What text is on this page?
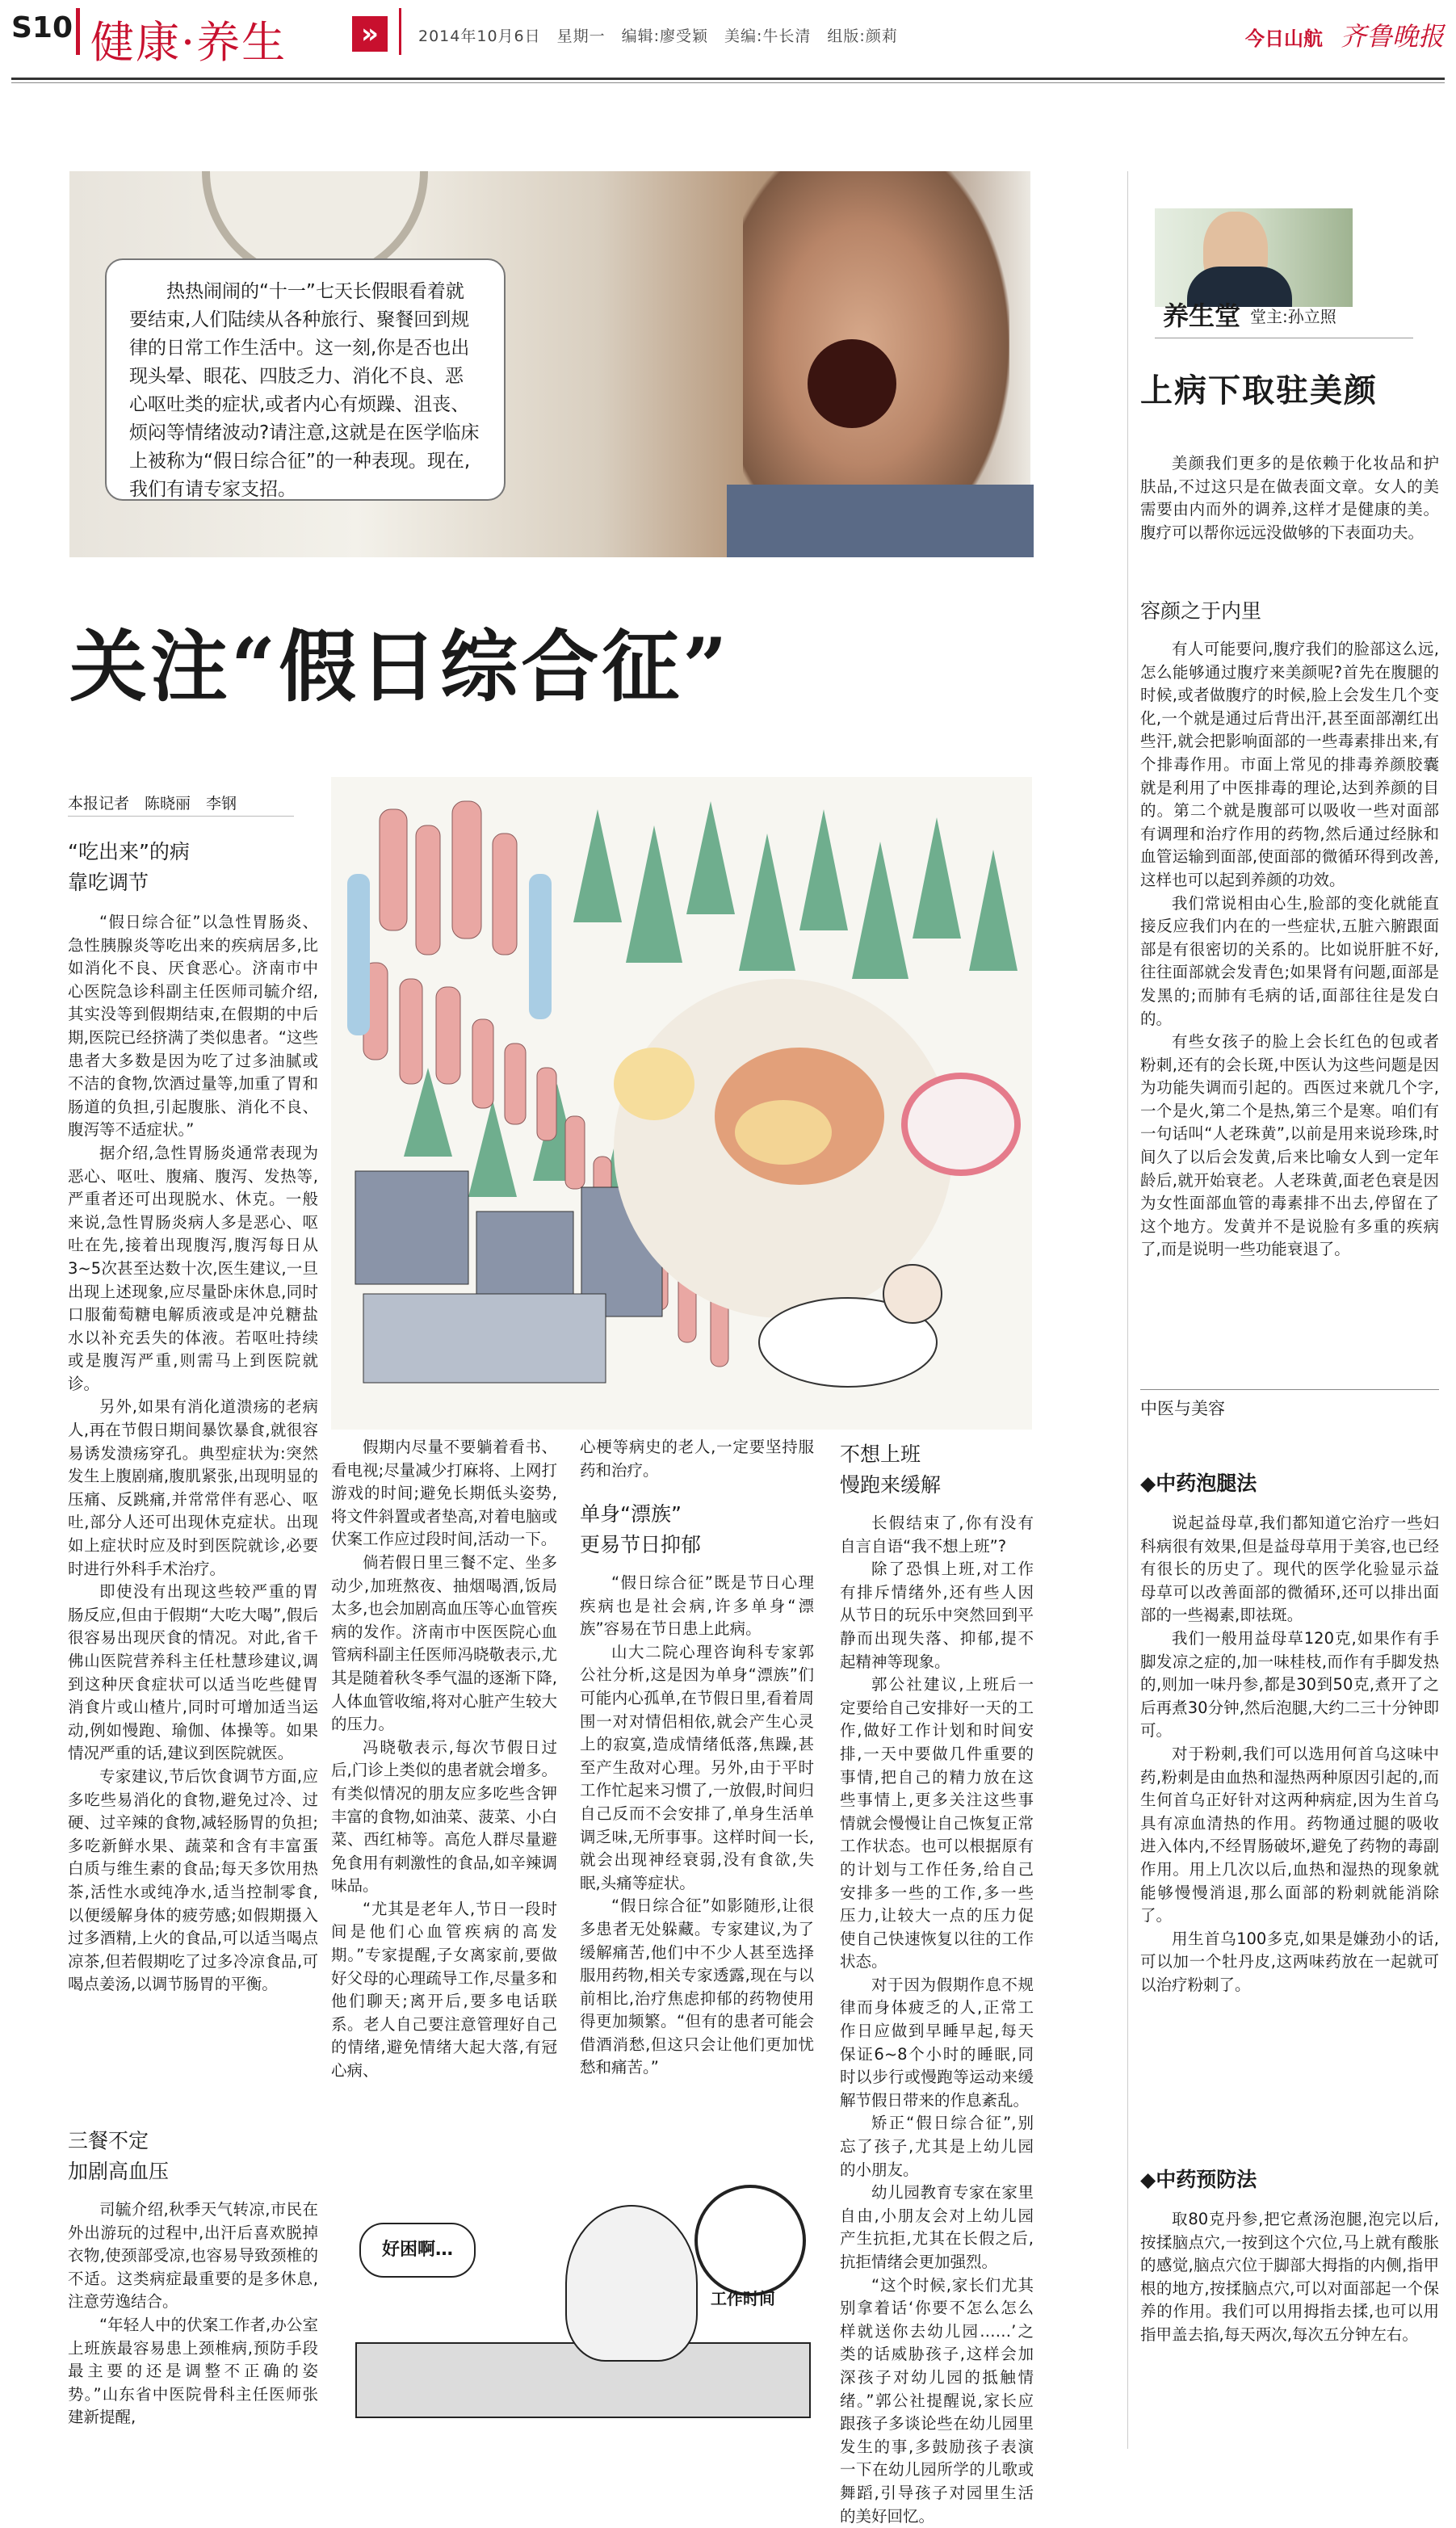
S10 健康·养生	»	2014年10月6日　星期一　编辑:廖受颖　美编:牛长清　组版:颜莉	今日山航 齐鲁晚报
热热闹闹的“十一”七天长假眼看着就要结束,人们陆续从各种旅行、聚餐回到规律的日常工作生活中。这一刻,你是否也出现头晕、眼花、四肢乏力、消化不良、恶心呕吐类的症状,或者内心有烦躁、沮丧、烦闷等情绪波动?请注意,这就是在医学临床上被称为“假日综合征”的一种表现。现在,我们有请专家支招。
养生堂 堂主:孙立照
上病下取驻美颜
关注“假日综合征”
本报记者　陈晓丽　李钢
“吃出来”的病
靠吃调节

“假日综合征”以急性胃肠炎、急性胰腺炎等吃出来的疾病居多,比如消化不良、厌食恶心。济南市中心医院急诊科副主任医师司毓介绍,其实没等到假期结束,在假期的中后期,医院已经挤满了类似患者。“这些患者大多数是因为吃了过多油腻或不洁的食物,饮酒过量等,加重了胃和肠道的负担,引起腹胀、消化不良、腹泻等不适症状。”

据介绍,急性胃肠炎通常表现为恶心、呕吐、腹痛、腹泻、发热等,严重者还可出现脱水、休克。一般来说,急性胃肠炎病人多是恶心、呕吐在先,接着出现腹泻,腹泻每日从3~5次甚至达数十次,医生建议,一旦出现上述现象,应尽量卧床休息,同时口服葡萄糖电解质液或是冲兑糖盐水以补充丢失的体液。若呕吐持续或是腹泻严重,则需马上到医院就诊。

另外,如果有消化道溃疡的老病人,再在节假日期间暴饮暴食,就很容易诱发溃疡穿孔。典型症状为:突然发生上腹剧痛,腹肌紧张,出现明显的压痛、反跳痛,并常常伴有恶心、呕吐,部分人还可出现休克症状。出现如上症状时应及时到医院就诊,必要时进行外科手术治疗。

即使没有出现这些较严重的胃肠反应,但由于假期“大吃大喝”,假后很容易出现厌食的情况。对此,省千佛山医院营养科主任杜慧珍建议,调到这种厌食症状可以适当吃些健胃消食片或山楂片,同时可增加适当运动,例如慢跑、瑜伽、体操等。如果情况严重的话,建议到医院就医。

专家建议,节后饮食调节方面,应多吃些易消化的食物,避免过冷、过硬、过辛辣的食物,减轻肠胃的负担;多吃新鲜水果、蔬菜和含有丰富蛋白质与维生素的食品;每天多饮用热茶,活性水或纯净水,适当控制零食,以便缓解身体的疲劳感;如假期摄入过多酒精,上火的食品,可以适当喝点凉茶,但若假期吃了过多冷凉食品,可喝点姜汤,以调节肠胃的平衡。

三餐不定
加剧高血压

司毓介绍,秋季天气转凉,市民在外出游玩的过程中,出汗后喜欢脱掉衣物,使颈部受凉,也容易导致颈椎的不适。这类病症最重要的是多休息,注意劳逸结合。

“年轻人中的伏案工作者,办公室上班族最容易患上颈椎病,预防手段最主要的还是调整不正确的姿势。”山东省中医院骨科主任医师张建新提醒,

假期内尽量不要躺着看书、看电视;尽量减少打麻将、上网打游戏的时间;避免长期低头姿势,将文件斜置或者垫高,对着电脑或伏案工作应过段时间,活动一下。

倘若假日里三餐不定、坐多动少,加班熬夜、抽烟喝酒,饭局太多,也会加剧高血压等心血管疾病的发作。济南市中医医院心血管病科副主任医师冯晓敬表示,尤其是随着秋冬季气温的逐渐下降,人体血管收缩,将对心脏产生较大的压力。

冯晓敬表示,每次节假日过后,门诊上类似的患者就会增多。有类似情况的朋友应多吃些含钾丰富的食物,如油菜、菠菜、小白菜、西红柿等。高危人群尽量避免食用有刺激性的食品,如辛辣调味品。

“尤其是老年人,节日一段时间是他们心血管疾病的高发期。”专家提醒,子女离家前,要做好父母的心理疏导工作,尽量多和他们聊天;离开后,要多电话联系。老人自己要注意管理好自己的情绪,避免情绪大起大落,有冠心病、

心梗等病史的老人,一定要坚持服药和治疗。

单身“漂族”
更易节日抑郁

“假日综合征”既是节日心理疾病也是社会病,许多单身“漂族”容易在节日患上此病。

山大二院心理咨询科专家郭公社分析,这是因为单身“漂族”们可能内心孤单,在节假日里,看着周围一对对情侣相依,就会产生心灵上的寂寞,造成情绪低落,焦躁,甚至产生敌对心理。另外,由于平时工作忙起来习惯了,一放假,时间归自己反而不会安排了,单身生活单调乏味,无所事事。这样时间一长,就会出现神经衰弱,没有食欲,失眠,头痛等症状。

“假日综合征”如影随形,让很多患者无处躲藏。专家建议,为了缓解痛苦,他们中不少人甚至选择服用药物,相关专家透露,现在与以前相比,治疗焦虑抑郁的药物使用得更加频繁。“但有的患者可能会借酒消愁,但这只会让他们更加忧愁和痛苦。”

不想上班
慢跑来缓解

长假结束了,你有没有自言自语“我不想上班”?

除了恐惧上班,对工作有排斥情绪外,还有些人因从节日的玩乐中突然回到平静而出现失落、抑郁,提不起精神等现象。

郭公社建议,上班后一定要给自己安排好一天的工作,做好工作计划和时间安排,一天中要做几件重要的事情,把自己的精力放在这些事情上,更多关注这些事情就会慢慢让自己恢复正常工作状态。也可以根据原有的计划与工作任务,给自己安排多一些的工作,多一些压力,让较大一点的压力促使自己快速恢复以往的工作状态。

对于因为假期作息不规律而身体疲乏的人,正常工作日应做到早睡早起,每天保证6~8个小时的睡眠,同时以步行或慢跑等运动来缓解节假日带来的作息紊乱。

矫正“假日综合征”,别忘了孩子,尤其是上幼儿园的小朋友。

幼儿园教育专家在家里自由,小朋友会对上幼儿园产生抗拒,尤其在长假之后,抗拒情绪会更加强烈。

“这个时候,家长们尤其别拿着话‘你要不怎么怎么样就送你去幼儿园……’之类的话威胁孩子,这样会加深孩子对幼儿园的抵触情绪。”郭公社提醒说,家长应跟孩子多谈论些在幼儿园里发生的事,多鼓励孩子表演一下在幼儿园所学的儿歌或舞蹈,引导孩子对园里生活的美好回忆。

好困啊…
工作时间

美颜我们更多的是依赖于化妆品和护肤品,不过这只是在做表面文章。女人的美需要由内而外的调养,这样才是健康的美。腹疗可以帮你远远没做够的下表面功夫。

容颜之于内里

有人可能要问,腹疗我们的脸部这么远,怎么能够通过腹疗来美颜呢?首先在腹腿的时候,或者做腹疗的时候,脸上会发生几个变化,一个就是通过后背出汗,甚至面部潮红出些汗,就会把影响面部的一些毒素排出来,有个排毒作用。市面上常见的排毒养颜胶囊就是利用了中医排毒的理论,达到养颜的目的。第二个就是腹部可以吸收一些对面部有调理和治疗作用的药物,然后通过经脉和血管运输到面部,使面部的微循环得到改善,这样也可以起到养颜的功效。

我们常说相由心生,脸部的变化就能直接反应我们内在的一些症状,五脏六腑跟面部是有很密切的关系的。比如说肝脏不好,往往面部就会发青色;如果肾有问题,面部是发黑的;而肺有毛病的话,面部往往是发白的。

有些女孩子的脸上会长红色的包或者粉刺,还有的会长斑,中医认为这些问题是因为功能失调而引起的。西医过来就几个字,一个是火,第二个是热,第三个是寒。咱们有一句话叫“人老珠黄”,以前是用来说珍珠,时间久了以后会发黄,后来比喻女人到一定年龄后,就开始衰老。人老珠黄,面老色衰是因为女性面部血管的毒素排不出去,停留在了这个地方。发黄并不是说脸有多重的疾病了,而是说明一些功能衰退了。

中医与美容
◆中药泡腿法

说起益母草,我们都知道它治疗一些妇科病很有效果,但是益母草用于美容,也已经有很长的历史了。现代的医学化验显示益母草可以改善面部的微循环,还可以排出面部的一些褐素,即祛斑。

我们一般用益母草120克,如果作有手脚发凉之症的,加一味桂枝,而作有手脚发热的,则加一味丹参,都是30到50克,煮开了之后再煮30分钟,然后泡腿,大约二三十分钟即可。

对于粉刺,我们可以选用何首乌这味中药,粉刺是由血热和湿热两种原因引起的,而生何首乌正好针对这两种病症,因为生首乌具有凉血清热的作用。药物通过腿的吸收进入体内,不经胃肠破坏,避免了药物的毒副作用。用上几次以后,血热和湿热的现象就能够慢慢消退,那么面部的粉刺就能消除了。

用生首乌100多克,如果是嫌劲小的话,可以加一个牡丹皮,这两味药放在一起就可以治疗粉刺了。

◆中药预防法

取80克丹参,把它煮汤泡腿,泡完以后,按揉脑点穴,一按到这个穴位,马上就有酸胀的感觉,脑点穴位于脚部大拇指的内侧,指甲根的地方,按揉脑点穴,可以对面部起一个保养的作用。我们可以用拇指去揉,也可以用指甲盖去掐,每天两次,每次五分钟左右。
